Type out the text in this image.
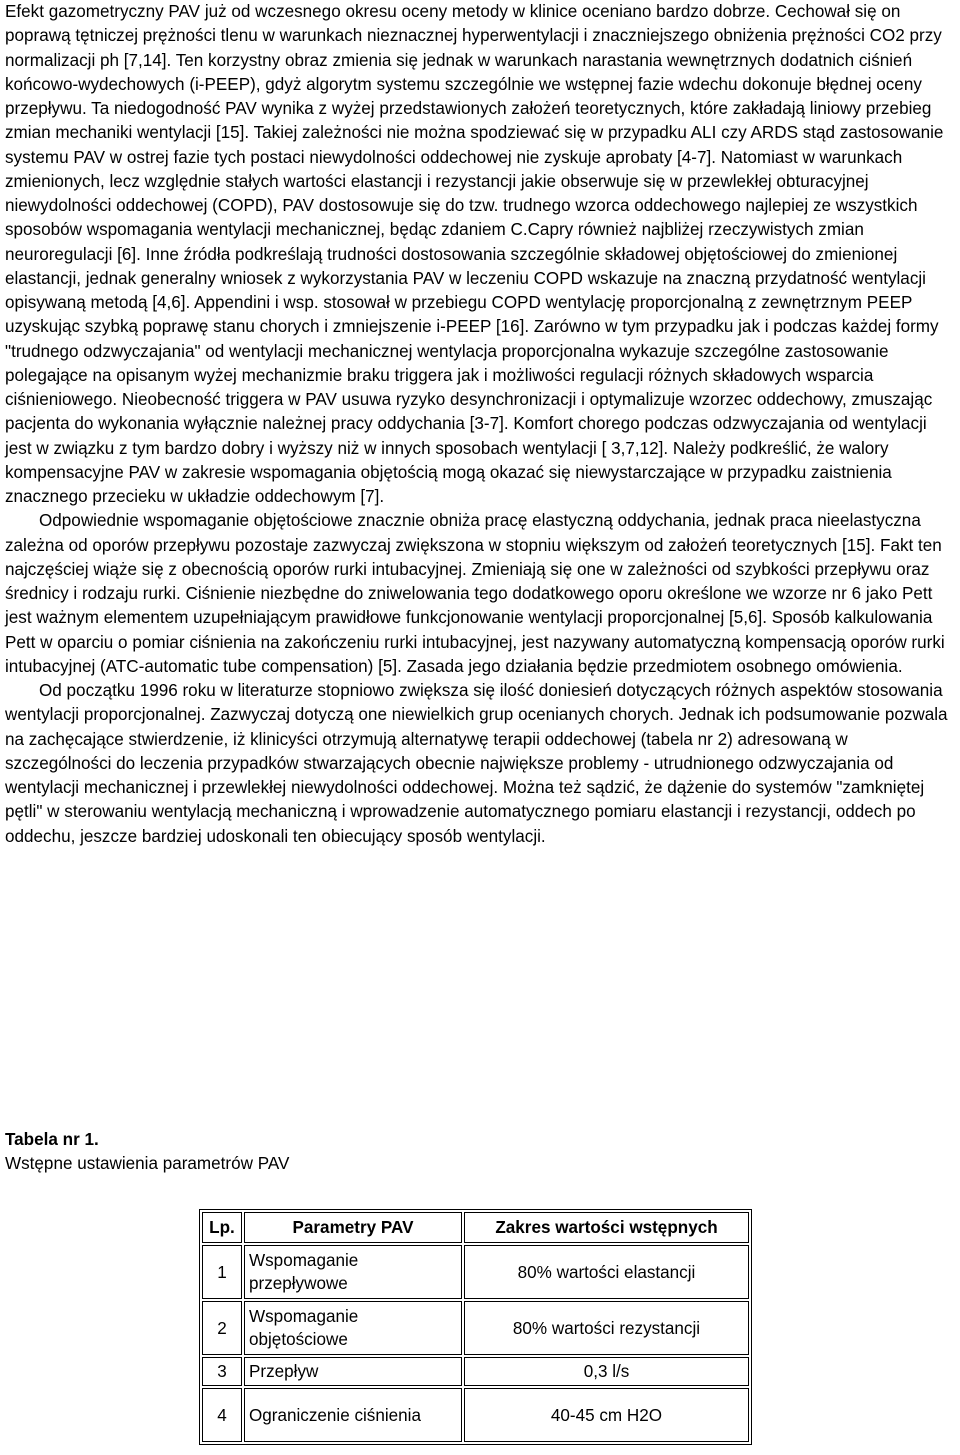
Efekt gazometryczny PAV już od wczesnego okresu oceny metody w klinice oceniano bardzo dobrze. Cechował się on poprawą tętniczej prężności tlenu w warunkach nieznacznej hyperwentylacji i znaczniejszego obniżenia prężności CO2 przy normalizacji ph [7,14]. Ten korzystny obraz zmienia się jednak w warunkach narastania wewnętrznych dodatnich ciśnień końcowo-wydechowych (i-PEEP), gdyż algorytm systemu szczególnie we wstępnej fazie wdechu dokonuje błędnej oceny przepływu. Ta niedogodność PAV wynika z wyżej przedstawionych założeń teoretycznych, które zakładają liniowy przebieg zmian mechaniki wentylacji [15]. Takiej zależności nie można spodziewać się w przypadku ALI czy ARDS stąd zastosowanie systemu PAV w ostrej fazie tych postaci niewydolności oddechowej nie zyskuje aprobaty [4-7]. Natomiast w warunkach zmienionych, lecz względnie stałych wartości elastancji i rezystancji jakie obserwuje się w przewlekłej obturacyjnej niewydolności oddechowej (COPD), PAV dostosowuje się do tzw. trudnego wzorca oddechowego najlepiej ze wszystkich sposobów wspomagania wentylacji mechanicznej, będąc zdaniem C.Capry również najbliżej rzeczywistych zmian neuroregulacji [6]. Inne źródła podkreślają trudności dostosowania szczególnie składowej objętościowej do zmienionej elastancji, jednak generalny wniosek z wykorzystania PAV w leczeniu COPD wskazuje na znaczną przydatność wentylacji opisywaną metodą [4,6]. Appendini i wsp. stosował w przebiegu COPD wentylację proporcjonalną z zewnętrznym PEEP uzyskując szybką poprawę stanu chorych i zmniejszenie i-PEEP [16]. Zarówno w tym przypadku jak i podczas każdej formy "trudnego odzwyczajania" od wentylacji mechanicznej wentylacja proporcjonalna wykazuje szczególne zastosowanie polegające na opisanym wyżej mechanizmie braku triggera jak i możliwości regulacji różnych składowych wsparcia ciśnieniowego. Nieobecność triggera w PAV usuwa ryzyko desynchronizacji i optymalizuje wzorzec oddechowy, zmuszając pacjenta do wykonania wyłącznie należnej pracy oddychania [3-7]. Komfort chorego podczas odzwyczajania od wentylacji jest w związku z tym bardzo dobry i wyższy niż w innych sposobach wentylacji [ 3,7,12]. Należy podkreślić, że walory kompensacyjne PAV w zakresie wspomagania objętością mogą okazać się niewystarczające w przypadku zaistnienia znacznego przecieku w układzie oddechowym [7].

Odpowiednie wspomaganie objętościowe znacznie obniża pracę elastyczną oddychania, jednak praca nieelastyczna zależna od oporów przepływu pozostaje zazwyczaj zwiększona w stopniu większym od założeń teoretycznych [15]. Fakt ten najczęściej wiąże się z obecnością oporów rurki intubacyjnej. Zmieniają się one w zależności od szybkości przepływu oraz średnicy i rodzaju rurki. Ciśnienie niezbędne do zniwelowania tego dodatkowego oporu określone we wzorze nr 6 jako Pett jest ważnym elementem uzupełniającym prawidłowe funkcjonowanie wentylacji proporcjonalnej [5,6]. Sposób kalkulowania Pett w oparciu o pomiar ciśnienia na zakończeniu rurki intubacyjnej, jest nazywany automatyczną kompensacją oporów rurki intubacyjnej (ATC-automatic tube compensation) [5]. Zasada jego działania będzie przedmiotem osobnego omówienia.

Od początku 1996 roku w literaturze stopniowo zwiększa się ilość doniesień dotyczących różnych aspektów stosowania wentylacji proporcjonalnej. Zazwyczaj dotyczą one niewielkich grup ocenianych chorych. Jednak ich podsumowanie pozwala na zachęcające stwierdzenie, iż klinicyści otrzymują alternatywę terapii oddechowej (tabela nr 2) adresowaną w szczególności do leczenia przypadków stwarzających obecnie największe problemy - utrudnionego odzwyczajania od wentylacji mechanicznej i przewlekłej niewydolności oddechowej. Można też sądzić, że dążenie do systemów "zamkniętej pętli" w sterowaniu wentylacją mechaniczną i wprowadzenie automatycznego pomiaru elastancji i rezystancji, oddech po oddechu, jeszcze bardziej udoskonali ten obiecujący sposób wentylacji.

Tabela nr 1.
Wstępne ustawienia parametrów PAV
Lp.	Parametry PAV	Zakres wartości wstępnych
1	Wspomaganie przepływowe	80% wartości elastancji
2	Wspomaganie objętościowe	80% wartości rezystancji
3	Przepływ	0,3 l/s
4	Ograniczenie ciśnienia	40-45 cm H2O
